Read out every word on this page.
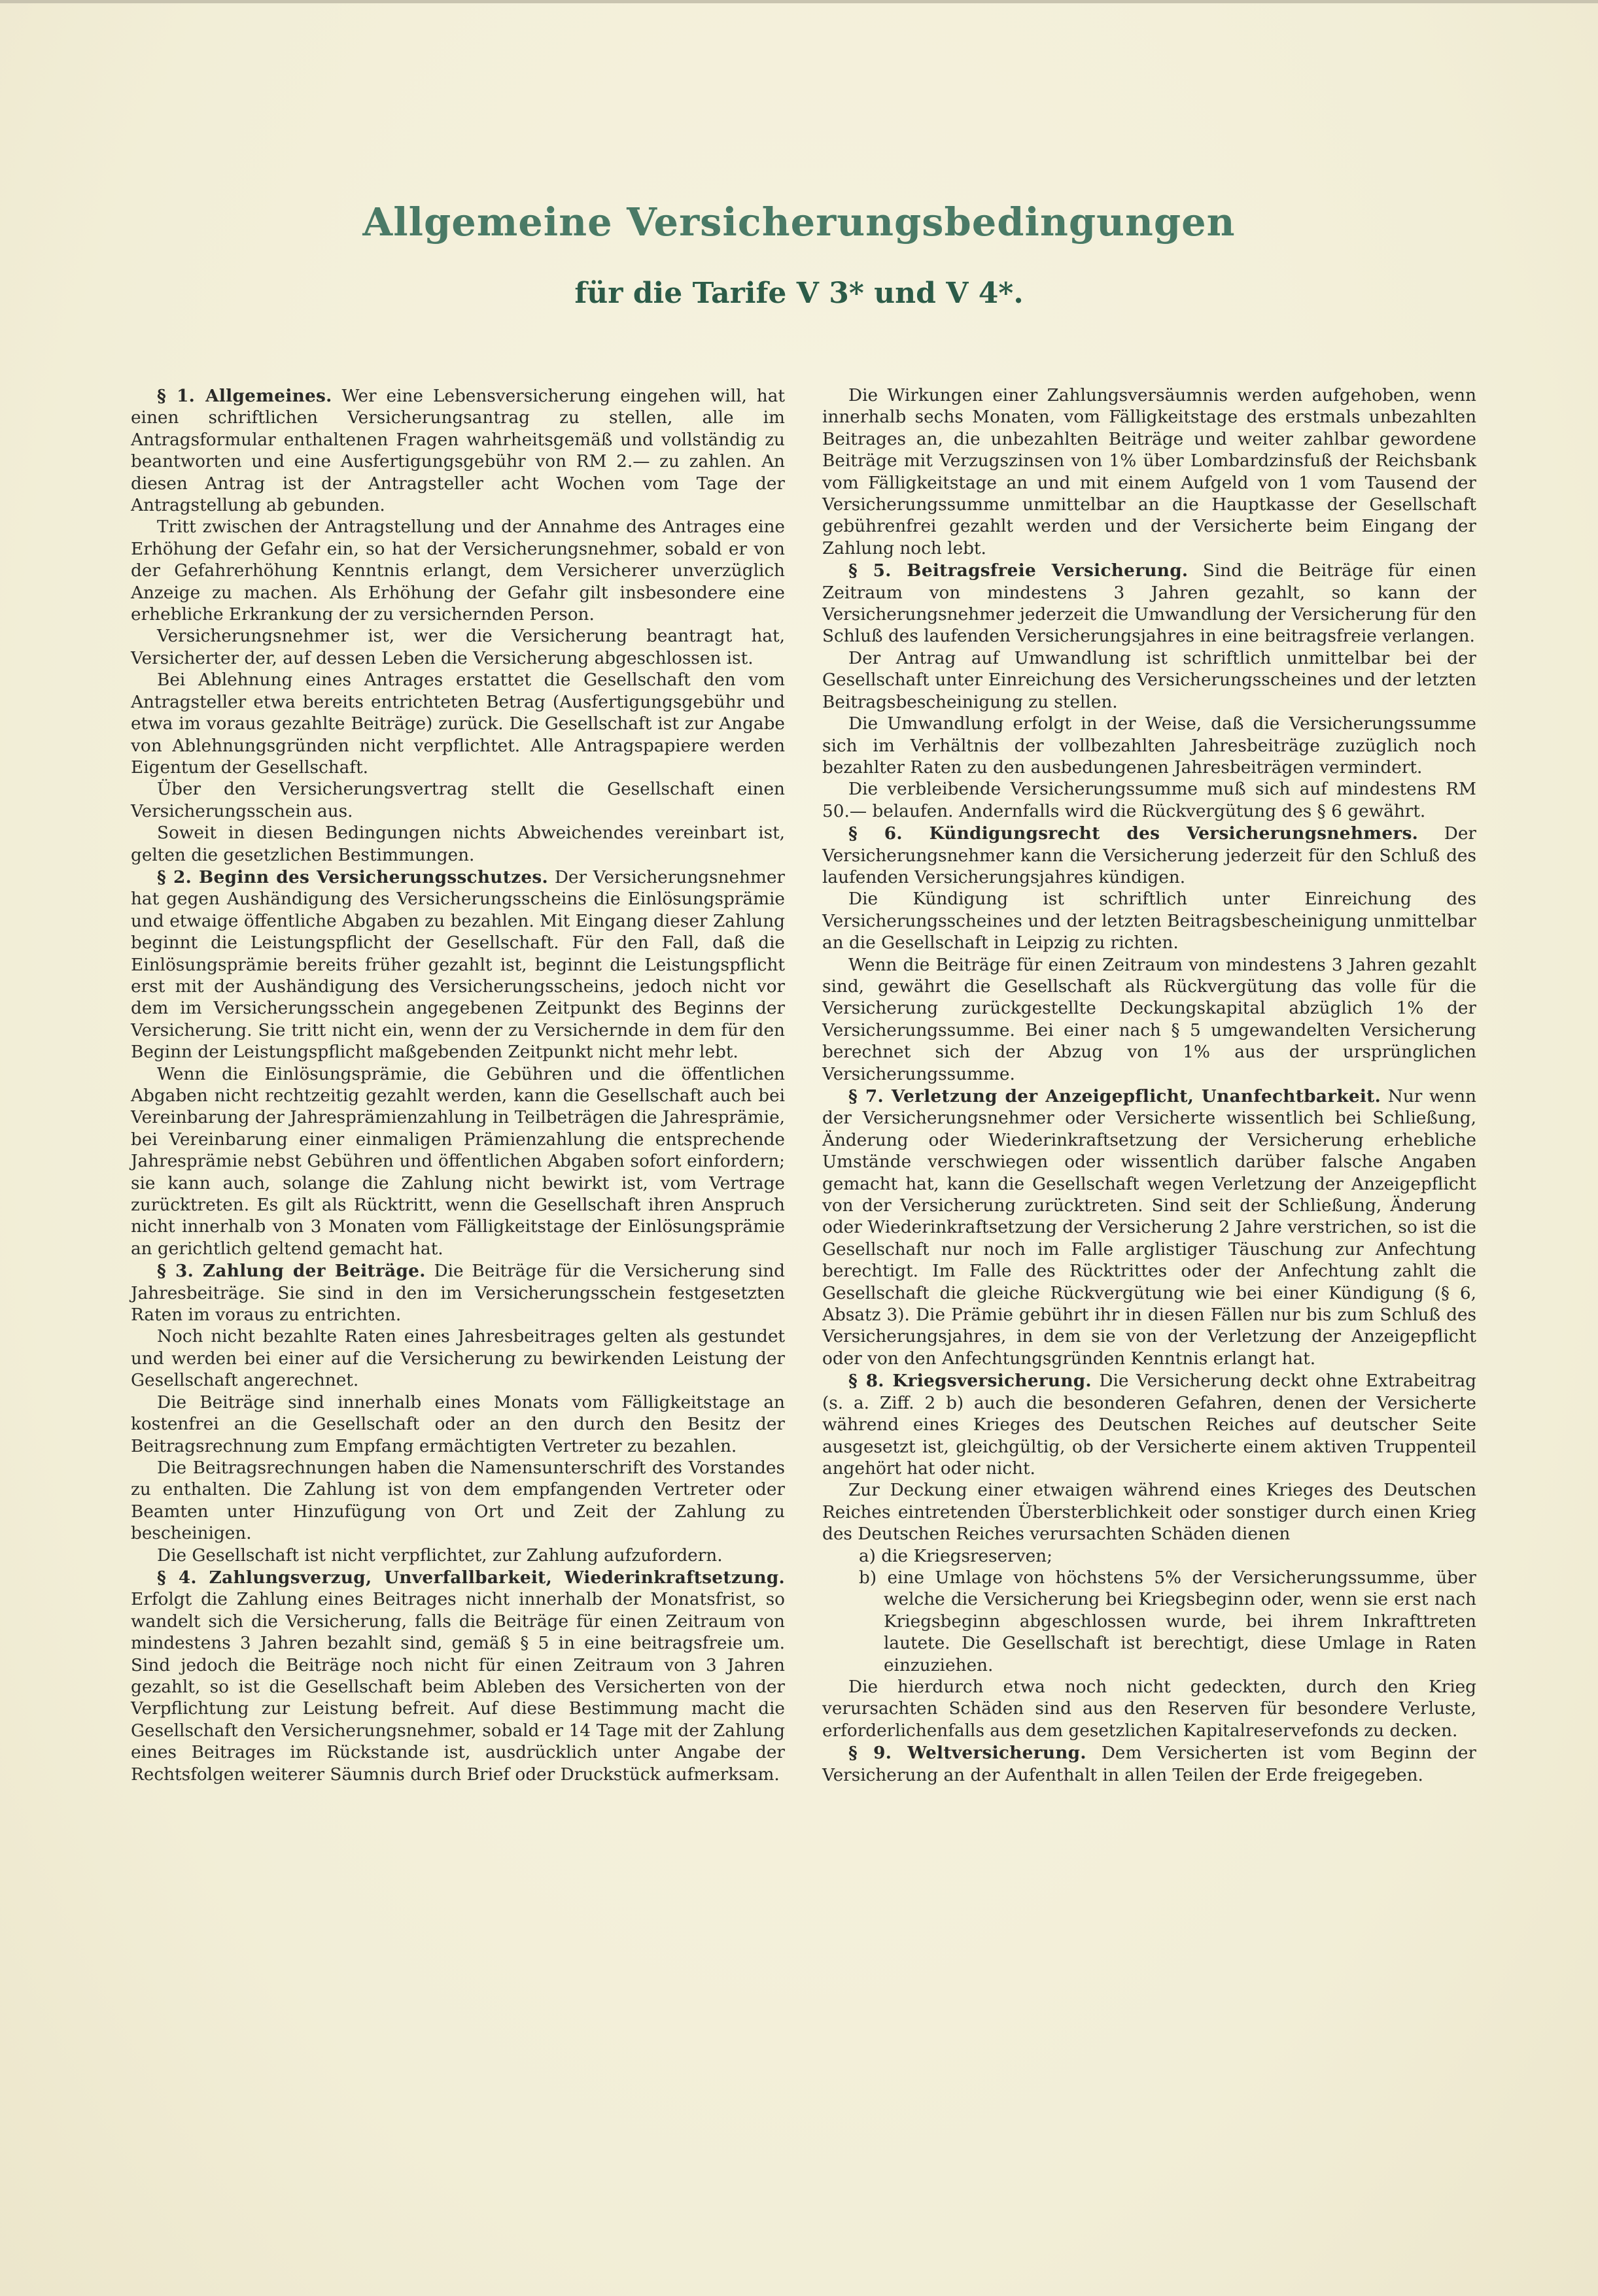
Allgemeine Versicherungsbedingungen
für die Tarife V 3* und V 4*.

§ 1. Allgemeines. Wer eine Lebensversicherung eingehen will, hat einen schriftlichen Versicherungsantrag zu stellen, alle im Antragsformular enthaltenen Fragen wahrheitsgemäß und vollständig zu beantworten und eine Ausfertigungsgebühr von RM 2.— zu zahlen. An diesen Antrag ist der Antragsteller acht Wochen vom Tage der Antragstellung ab gebunden.

Tritt zwischen der Antragstellung und der Annahme des Antrages eine Erhöhung der Gefahr ein, so hat der Versicherungsnehmer, sobald er von der Gefahrerhöhung Kenntnis erlangt, dem Versicherer unverzüglich Anzeige zu machen. Als Erhöhung der Gefahr gilt insbesondere eine erhebliche Erkrankung der zu versichernden Person.

Versicherungsnehmer ist, wer die Versicherung beantragt hat, Versicherter der, auf dessen Leben die Versicherung abgeschlossen ist.

Bei Ablehnung eines Antrages erstattet die Gesellschaft den vom Antragsteller etwa bereits entrichteten Betrag (Ausfertigungsgebühr und etwa im voraus gezahlte Beiträge) zurück. Die Gesellschaft ist zur Angabe von Ablehnungsgründen nicht verpflichtet. Alle Antragspapiere werden Eigentum der Gesellschaft.

Über den Versicherungsvertrag stellt die Gesellschaft einen Versicherungsschein aus.

Soweit in diesen Bedingungen nichts Abweichendes vereinbart ist, gelten die gesetzlichen Bestimmungen.

§ 2. Beginn des Versicherungsschutzes. Der Versicherungsnehmer hat gegen Aushändigung des Versicherungsscheins die Einlösungsprämie und etwaige öffentliche Abgaben zu bezahlen. Mit Eingang dieser Zahlung beginnt die Leistungspflicht der Gesellschaft. Für den Fall, daß die Einlösungsprämie bereits früher gezahlt ist, beginnt die Leistungspflicht erst mit der Aushändigung des Versicherungsscheins, jedoch nicht vor dem im Versicherungsschein angegebenen Zeitpunkt des Beginns der Versicherung. Sie tritt nicht ein, wenn der zu Versichernde in dem für den Beginn der Leistungspflicht maßgebenden Zeitpunkt nicht mehr lebt.

Wenn die Einlösungsprämie, die Gebühren und die öffentlichen Abgaben nicht rechtzeitig gezahlt werden, kann die Gesellschaft auch bei Vereinbarung der Jahresprämienzahlung in Teilbeträgen die Jahresprämie, bei Vereinbarung einer einmaligen Prämienzahlung die entsprechende Jahresprämie nebst Gebühren und öffentlichen Abgaben sofort einfordern; sie kann auch, solange die Zahlung nicht bewirkt ist, vom Vertrage zurücktreten. Es gilt als Rücktritt, wenn die Gesellschaft ihren Anspruch nicht innerhalb von 3 Monaten vom Fälligkeitstage der Einlösungsprämie an gerichtlich geltend gemacht hat.

§ 3. Zahlung der Beiträge. Die Beiträge für die Versicherung sind Jahresbeiträge. Sie sind in den im Versicherungsschein festgesetzten Raten im voraus zu entrichten.

Noch nicht bezahlte Raten eines Jahresbeitrages gelten als gestundet und werden bei einer auf die Versicherung zu bewirkenden Leistung der Gesellschaft angerechnet.

Die Beiträge sind innerhalb eines Monats vom Fälligkeitstage an kostenfrei an die Gesellschaft oder an den durch den Besitz der Beitragsrechnung zum Empfang ermächtigten Vertreter zu bezahlen.

Die Beitragsrechnungen haben die Namensunterschrift des Vorstandes zu enthalten. Die Zahlung ist von dem empfangenden Vertreter oder Beamten unter Hinzufügung von Ort und Zeit der Zahlung zu bescheinigen.

Die Gesellschaft ist nicht verpflichtet, zur Zahlung aufzufordern.

§ 4. Zahlungsverzug, Unverfallbarkeit, Wiederinkraftsetzung. Erfolgt die Zahlung eines Beitrages nicht innerhalb der Monatsfrist, so wandelt sich die Versicherung, falls die Beiträge für einen Zeitraum von mindestens 3 Jahren bezahlt sind, gemäß § 5 in eine beitragsfreie um. Sind jedoch die Beiträge noch nicht für einen Zeitraum von 3 Jahren gezahlt, so ist die Gesellschaft beim Ableben des Versicherten von der Verpflichtung zur Leistung befreit. Auf diese Bestimmung macht die Gesellschaft den Versicherungsnehmer, sobald er 14 Tage mit der Zahlung eines Beitrages im Rückstande ist, ausdrücklich unter Angabe der Rechtsfolgen weiterer Säumnis durch Brief oder Druckstück aufmerksam.

Die Wirkungen einer Zahlungsversäumnis werden aufgehoben, wenn innerhalb sechs Monaten, vom Fälligkeitstage des erstmals unbezahlten Beitrages an, die unbezahlten Beiträge und weiter zahlbar gewordene Beiträge mit Verzugszinsen von 1% über Lombardzinsfuß der Reichsbank vom Fälligkeitstage an und mit einem Aufgeld von 1 vom Tausend der Versicherungssumme unmittelbar an die Hauptkasse der Gesellschaft gebührenfrei gezahlt werden und der Versicherte beim Eingang der Zahlung noch lebt.

§ 5. Beitragsfreie Versicherung. Sind die Beiträge für einen Zeitraum von mindestens 3 Jahren gezahlt, so kann der Versicherungsnehmer jederzeit die Umwandlung der Versicherung für den Schluß des laufenden Versicherungsjahres in eine beitragsfreie verlangen.

Der Antrag auf Umwandlung ist schriftlich unmittelbar bei der Gesellschaft unter Einreichung des Versicherungsscheines und der letzten Beitragsbescheinigung zu stellen.

Die Umwandlung erfolgt in der Weise, daß die Versicherungssumme sich im Verhältnis der vollbezahlten Jahresbeiträge zuzüglich noch bezahlter Raten zu den ausbedungenen Jahresbeiträgen vermindert.

Die verbleibende Versicherungssumme muß sich auf mindestens RM 50.— belaufen. Andernfalls wird die Rückvergütung des § 6 gewährt.

§ 6. Kündigungsrecht des Versicherungsnehmers. Der Versicherungsnehmer kann die Versicherung jederzeit für den Schluß des laufenden Versicherungsjahres kündigen.

Die Kündigung ist schriftlich unter Einreichung des Versicherungsscheines und der letzten Beitragsbescheinigung unmittelbar an die Gesellschaft in Leipzig zu richten.

Wenn die Beiträge für einen Zeitraum von mindestens 3 Jahren gezahlt sind, gewährt die Gesellschaft als Rückvergütung das volle für die Versicherung zurückgestellte Deckungskapital abzüglich 1% der Versicherungssumme. Bei einer nach § 5 umgewandelten Versicherung berechnet sich der Abzug von 1% aus der ursprünglichen Versicherungssumme.

§ 7. Verletzung der Anzeigepflicht, Unanfechtbarkeit. Nur wenn der Versicherungsnehmer oder Versicherte wissentlich bei Schließung, Änderung oder Wiederinkraftsetzung der Versicherung erhebliche Umstände verschwiegen oder wissentlich darüber falsche Angaben gemacht hat, kann die Gesellschaft wegen Verletzung der Anzeigepflicht von der Versicherung zurücktreten. Sind seit der Schließung, Änderung oder Wiederinkraftsetzung der Versicherung 2 Jahre verstrichen, so ist die Gesellschaft nur noch im Falle arglistiger Täuschung zur Anfechtung berechtigt. Im Falle des Rücktrittes oder der Anfechtung zahlt die Gesellschaft die gleiche Rückvergütung wie bei einer Kündigung (§ 6, Absatz 3). Die Prämie gebührt ihr in diesen Fällen nur bis zum Schluß des Versicherungsjahres, in dem sie von der Verletzung der Anzeigepflicht oder von den Anfechtungsgründen Kenntnis erlangt hat.

§ 8. Kriegsversicherung. Die Versicherung deckt ohne Extrabeitrag (s. a. Ziff. 2 b) auch die besonderen Gefahren, denen der Versicherte während eines Krieges des Deutschen Reiches auf deutscher Seite ausgesetzt ist, gleichgültig, ob der Versicherte einem aktiven Truppenteil angehört hat oder nicht.

Zur Deckung einer etwaigen während eines Krieges des Deutschen Reiches eintretenden Übersterblichkeit oder sonstiger durch einen Krieg des Deutschen Reiches verursachten Schäden dienen

a) die Kriegsreserven;
b) eine Umlage von höchstens 5% der Versicherungssumme, über welche die Versicherung bei Kriegsbeginn oder, wenn sie erst nach Kriegsbeginn abgeschlossen wurde, bei ihrem Inkrafttreten lautete. Die Gesellschaft ist berechtigt, diese Umlage in Raten einzuziehen.

Die hierdurch etwa noch nicht gedeckten, durch den Krieg verursachten Schäden sind aus den Reserven für besondere Verluste, erforderlichenfalls aus dem gesetzlichen Kapitalreservefonds zu decken.

§ 9. Weltversicherung. Dem Versicherten ist vom Beginn der Versicherung an der Aufenthalt in allen Teilen der Erde freigegeben.
